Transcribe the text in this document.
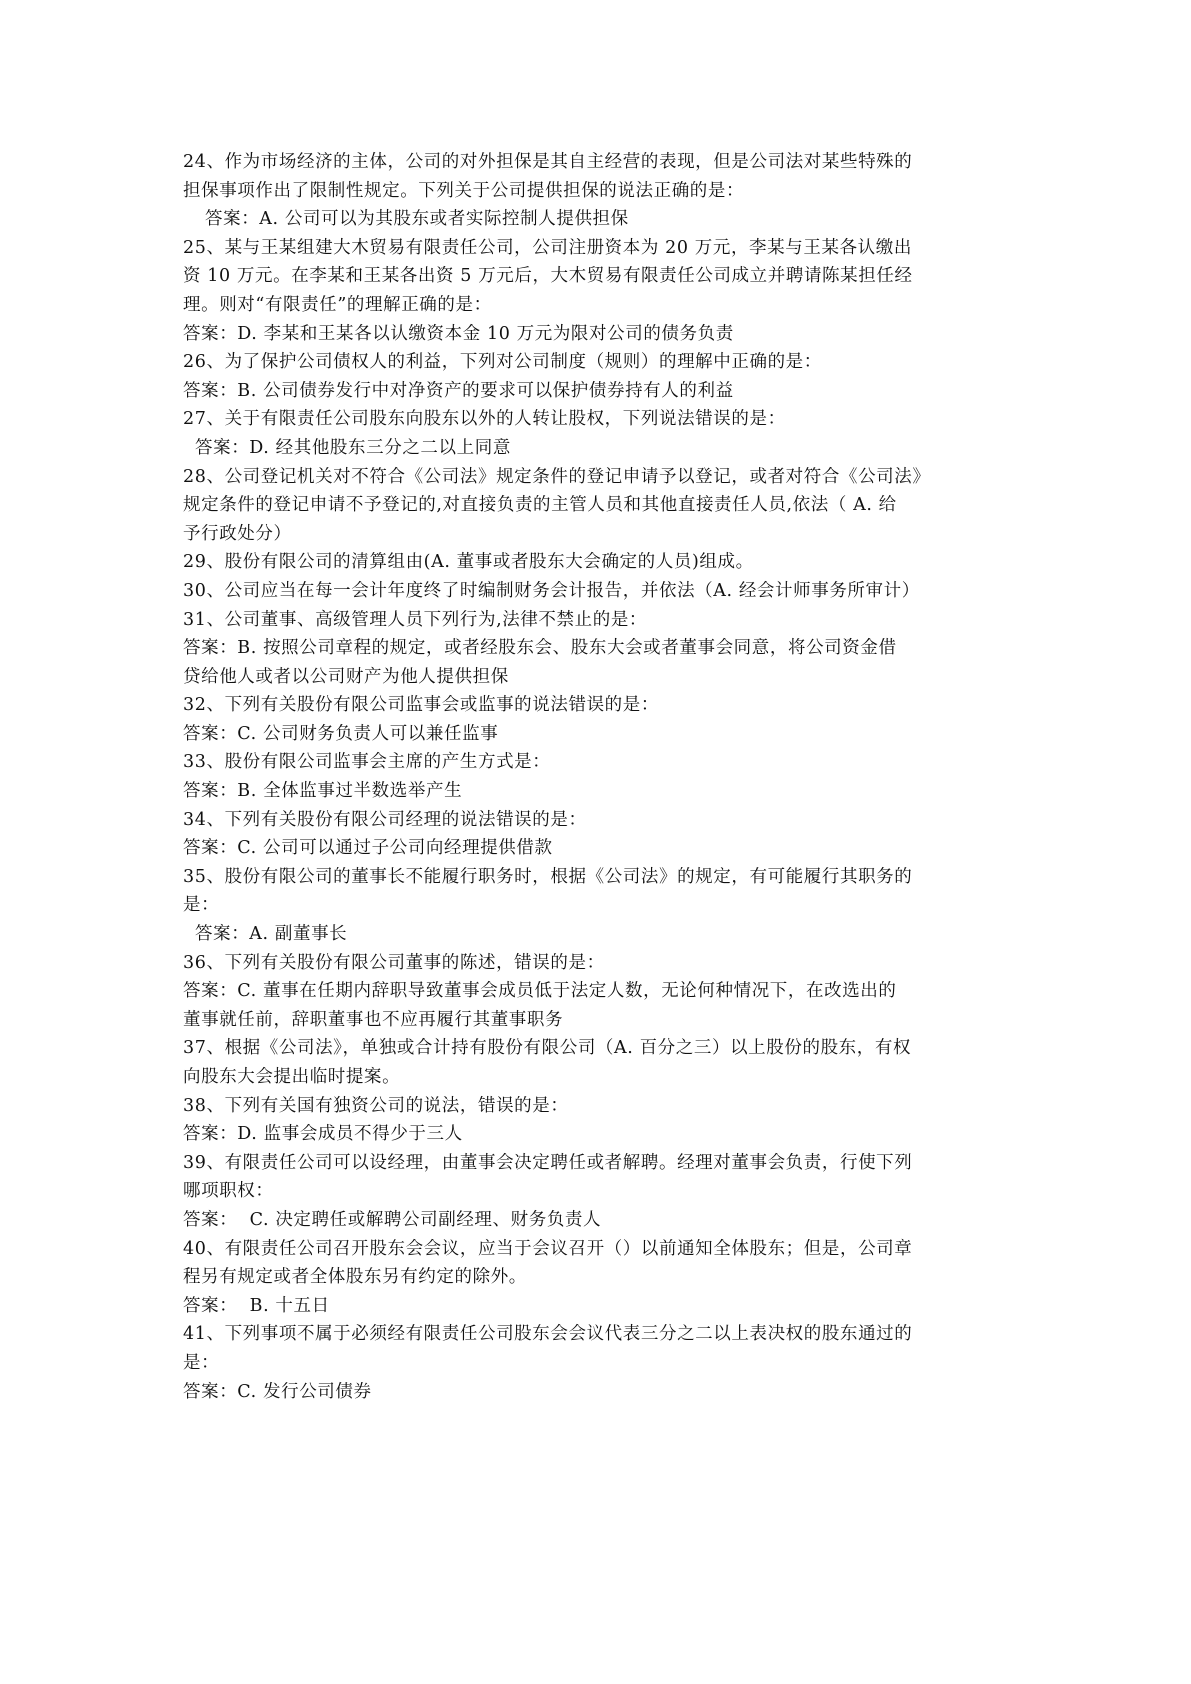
24、作为市场经济的主体，公司的对外担保是其自主经营的表现，但是公司法对某些特殊的
担保事项作出了限制性规定。下列关于公司提供担保的说法正确的是：
答案：A. 公司可以为其股东或者实际控制人提供担保
25、某与王某组建大木贸易有限责任公司，公司注册资本为 20 万元，李某与王某各认缴出
资 10 万元。在李某和王某各出资 5 万元后，大木贸易有限责任公司成立并聘请陈某担任经
理。则对“有限责任”的理解正确的是：
答案：D. 李某和王某各以认缴资本金 10 万元为限对公司的债务负责
26、为了保护公司债权人的利益，下列对公司制度（规则）的理解中正确的是：
答案：B. 公司债券发行中对净资产的要求可以保护债券持有人的利益
27、关于有限责任公司股东向股东以外的人转让股权，下列说法错误的是：
答案：D. 经其他股东三分之二以上同意
28、公司登记机关对不符合《公司法》规定条件的登记申请予以登记，或者对符合《公司法》
规定条件的登记申请不予登记的,对直接负责的主管人员和其他直接责任人员,依法（ A. 给
予行政处分）
29、股份有限公司的清算组由(A. 董事或者股东大会确定的人员)组成。
30、公司应当在每一会计年度终了时编制财务会计报告，并依法（A. 经会计师事务所审计）
31、公司董事、高级管理人员下列行为,法律不禁止的是：
答案：B. 按照公司章程的规定，或者经股东会、股东大会或者董事会同意，将公司资金借
贷给他人或者以公司财产为他人提供担保
32、下列有关股份有限公司监事会或监事的说法错误的是：
答案：C. 公司财务负责人可以兼任监事
33、股份有限公司监事会主席的产生方式是：
答案：B. 全体监事过半数选举产生
34、下列有关股份有限公司经理的说法错误的是：
答案：C. 公司可以通过子公司向经理提供借款
35、股份有限公司的董事长不能履行职务时，根据《公司法》的规定，有可能履行其职务的
是：
答案：A. 副董事长
36、下列有关股份有限公司董事的陈述，错误的是：
答案：C. 董事在任期内辞职导致董事会成员低于法定人数，无论何种情况下，在改选出的
董事就任前，辞职董事也不应再履行其董事职务
37、根据《公司法》，单独或合计持有股份有限公司（A. 百分之三）以上股份的股东，有权
向股东大会提出临时提案。
38、下列有关国有独资公司的说法，错误的是：
答案：D. 监事会成员不得少于三人
39、有限责任公司可以设经理，由董事会决定聘任或者解聘。经理对董事会负责，行使下列
哪项职权：
答案：  C. 决定聘任或解聘公司副经理、财务负责人
40、有限责任公司召开股东会会议，应当于会议召开（）以前通知全体股东；但是，公司章
程另有规定或者全体股东另有约定的除外。
答案：  B. 十五日
41、下列事项不属于必须经有限责任公司股东会会议代表三分之二以上表决权的股东通过的
是：
答案：C. 发行公司债券
